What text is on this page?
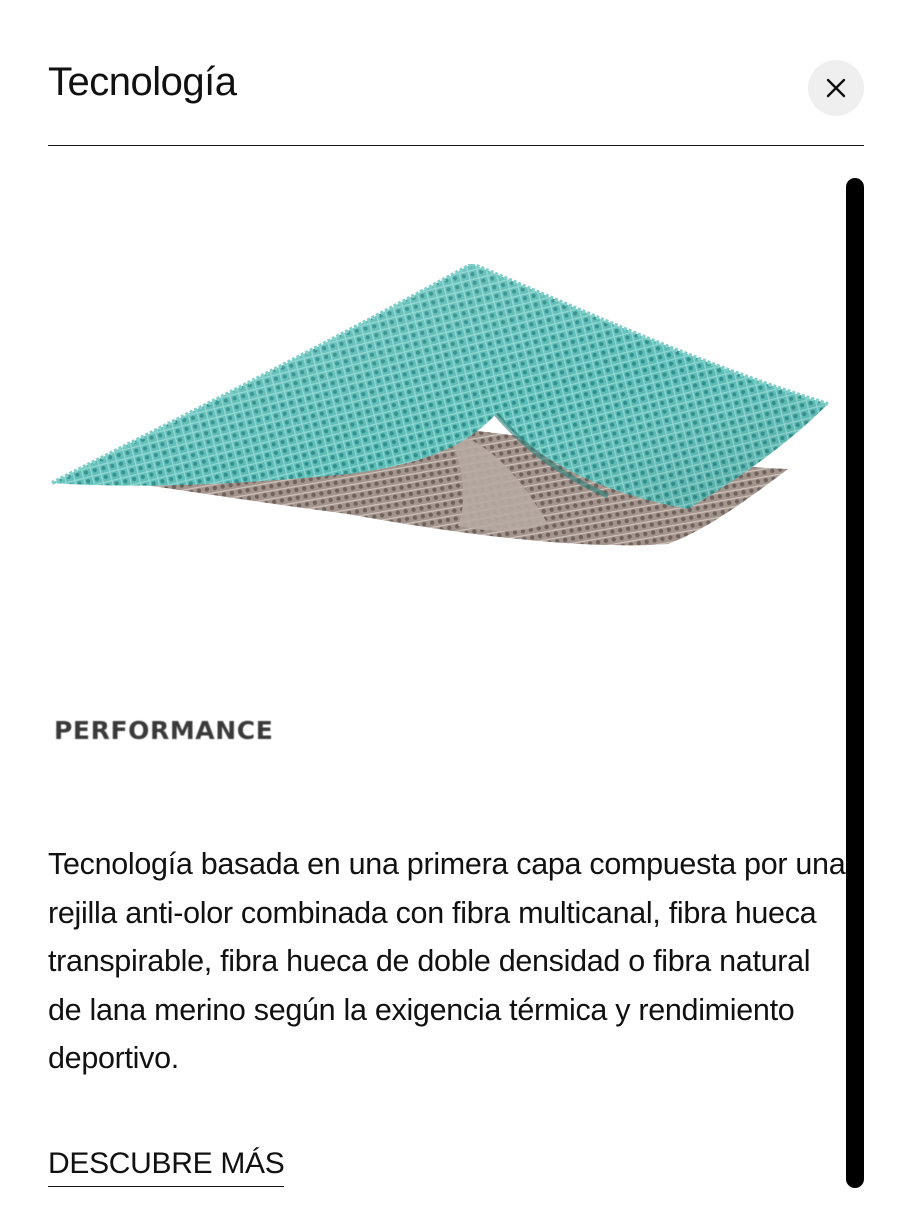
Tecnología
PERFORMANCE

Tecnología basada en una primera capa compuesta por una rejilla anti-olor combinada con fibra multicanal, fibra hueca transpirable, fibra hueca de doble densidad o fibra natural de lana merino según la exigencia térmica y rendimiento deportivo.

DESCUBRE MÁS
